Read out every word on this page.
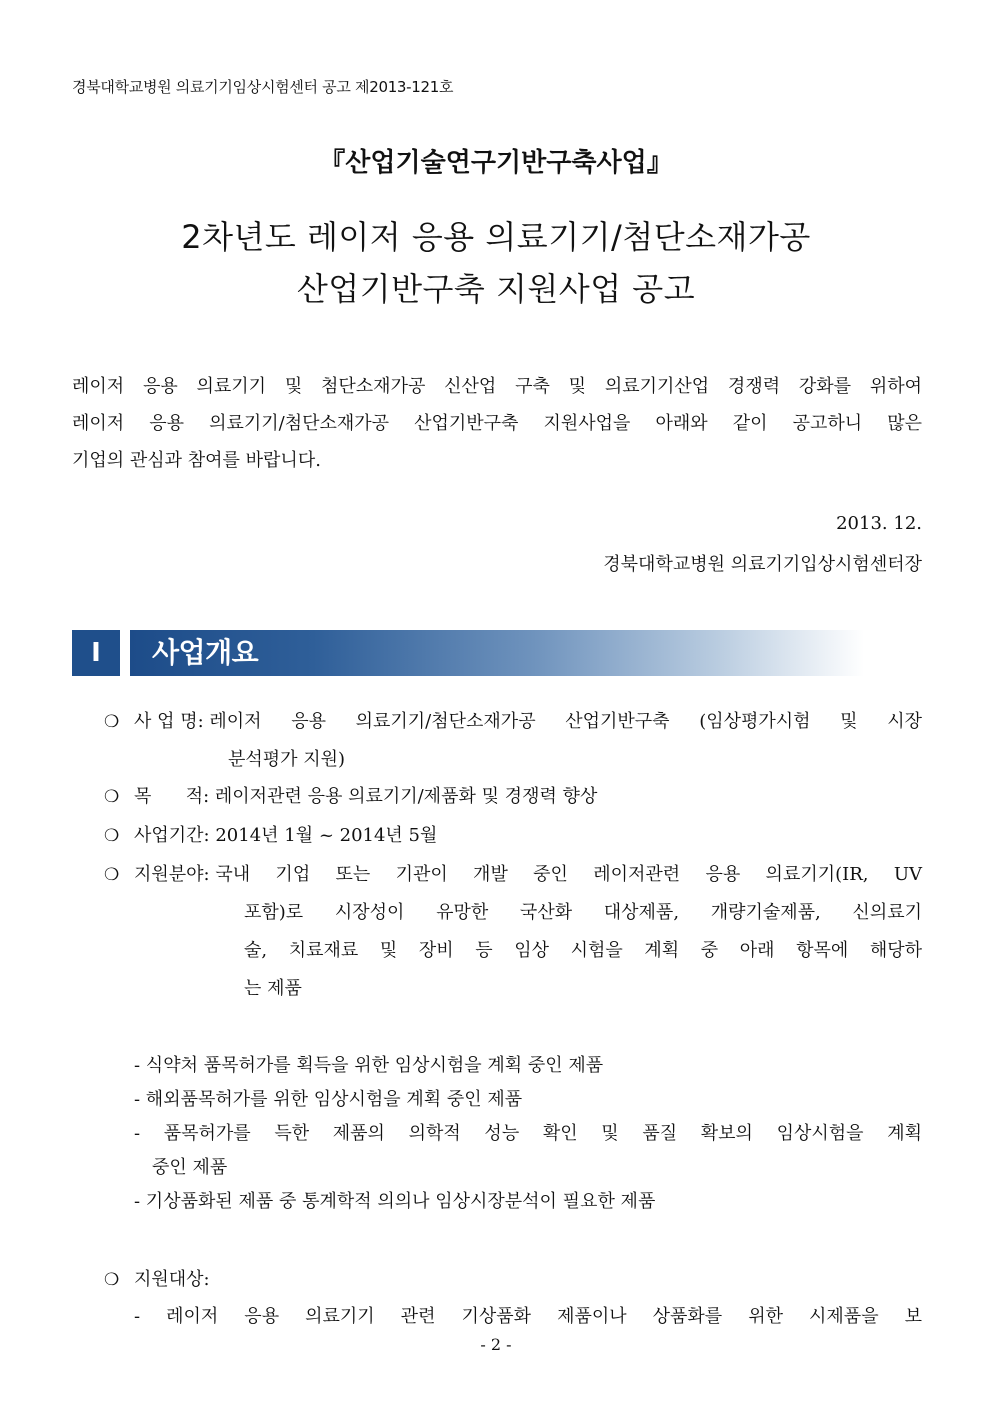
경북대학교병원 의료기기임상시험센터 공고 제2013-121호
『산업기술연구기반구축사업』
2차년도 레이저 응용 의료기기/첨단소재가공
산업기반구축 지원사업 공고

레이저 응용 의료기기 및 첨단소재가공 신산업 구축 및 의료기기산업 경쟁력 강화를 위하여

레이저 응용 의료기기/첨단소재가공 산업기반구축 지원사업을 아래와 같이 공고하니 많은

기업의 관심과 참여를 바랍니다.

2013. 12.
경북대학교병원 의료기기입상시험센터장
Ⅰ	사업개요
❍ 사 업 명: 레이저 응용 의료기기/첨단소재가공 산업기반구축 (임상평가시험 및 시장
분석평가 지원)
❍ 목      적: 레이저관련 응용 의료기기/제품화 및 경쟁력 향상
❍ 사업기간: 2014년 1월 ~ 2014년 5월
❍ 지원분야: 국내 기업 또는 기관이 개발 중인 레이저관련 응용 의료기기(IR, UV
포함)로 시장성이 유망한 국산화 대상제품, 개량기술제품, 신의료기
술, 치료재료 및 장비 등 임상 시험을 계획 중 아래 항목에 해당하
는 제품
- 식약처 품목허가를 획득을 위한 임상시험을 계획 중인 제품
- 해외품목허가를 위한 임상시험을 계획 중인 제품
- 품목허가를 득한 제품의 의학적 성능 확인 및 품질 확보의 임상시험을 계획
중인 제품
- 기상품화된 제품 중 통계학적 의의나 임상시장분석이 필요한 제품
❍ 지원대상:
- 레이저 응용 의료기기 관련 기상품화 제품이나 상품화를 위한 시제품을 보
- 2 -
